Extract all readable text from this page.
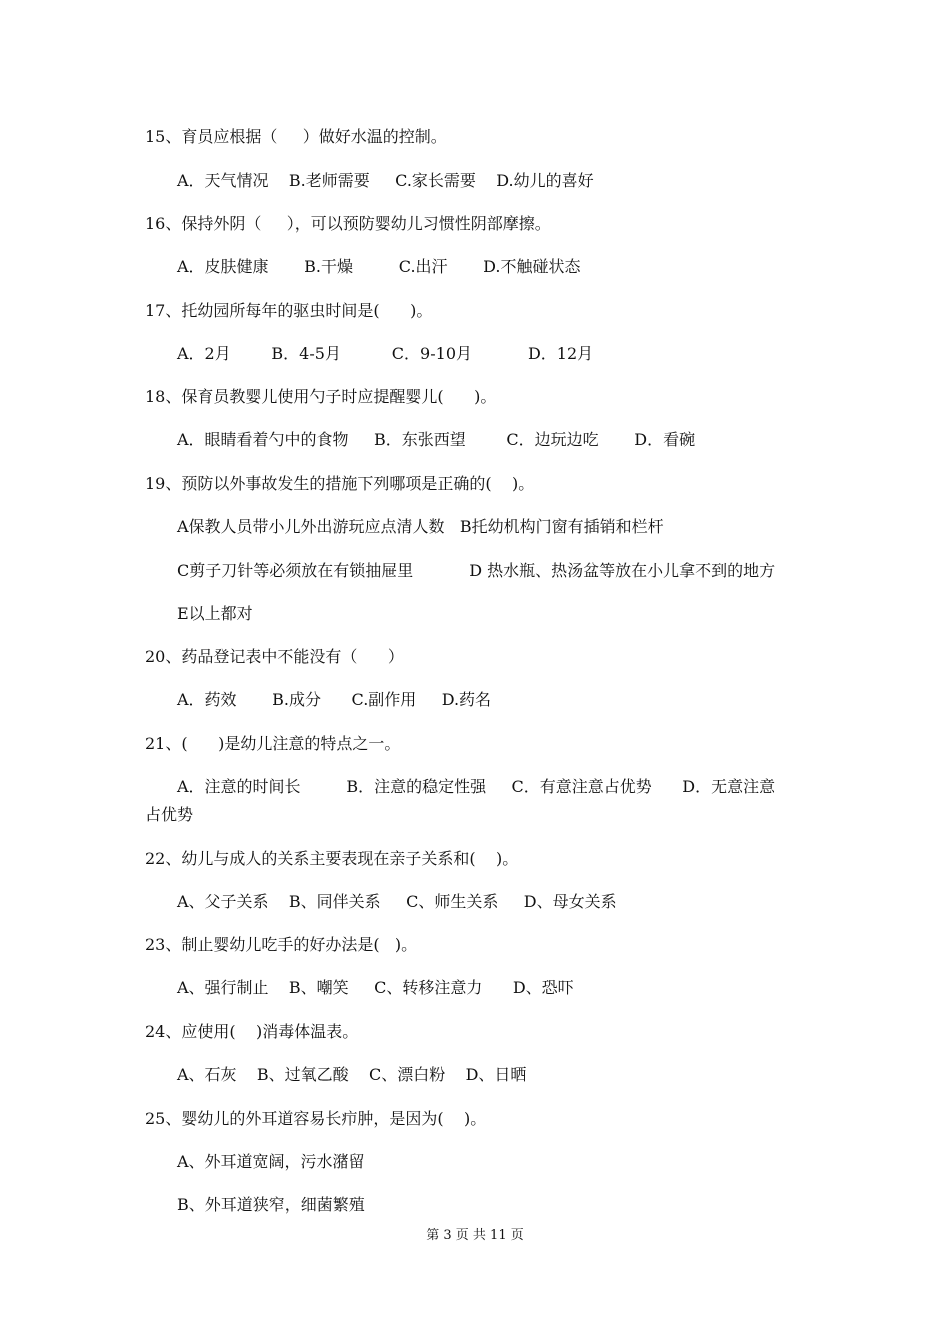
15、育员应根据（     ）做好水温的控制。
A．天气情况    B.老师需要     C.家长需要    D.幼儿的喜好
16、保持外阴（     ），可以预防婴幼儿习惯性阴部摩擦。
A．皮肤健康       B.干燥         C.出汗       D.不触碰状态
17、托幼园所每年的驱虫时间是(      )。
A．2月        B．4-5月          C．9-10月           D．12月
18、保育员教婴儿使用勺子时应提醒婴儿(      )。
A．眼睛看着勺中的食物     B．东张西望        C．边玩边吃       D．看碗
19、预防以外事故发生的措施下列哪项是正确的(    )。
A保教人员带小儿外出游玩应点清人数   B托幼机构门窗有插销和栏杆
C剪子刀针等必须放在有锁抽屉里           D 热水瓶、热汤盆等放在小儿拿不到的地方
E以上都对
20、药品登记表中不能没有（      ）
A．药效       B.成分      C.副作用     D.药名
21、(      )是幼儿注意的特点之一。
A．注意的时间长         B．注意的稳定性强     C．有意注意占优势      D．无意注意
占优势
22、幼儿与成人的关系主要表现在亲子关系和(    )。
A、父子关系    B、同伴关系     C、师生关系     D、母女关系
23、制止婴幼儿吃手的好办法是(   )。
A、强行制止    B、嘲笑     C、转移注意力      D、恐吓
24、应使用(    )消毒体温表。
A、石灰    B、过氧乙酸    C、漂白粉    D、日晒
25、婴幼儿的外耳道容易长疖肿，是因为(    )。
A、外耳道宽阔，污水潴留
B、外耳道狭窄，细菌繁殖
第 3 页 共 11 页
